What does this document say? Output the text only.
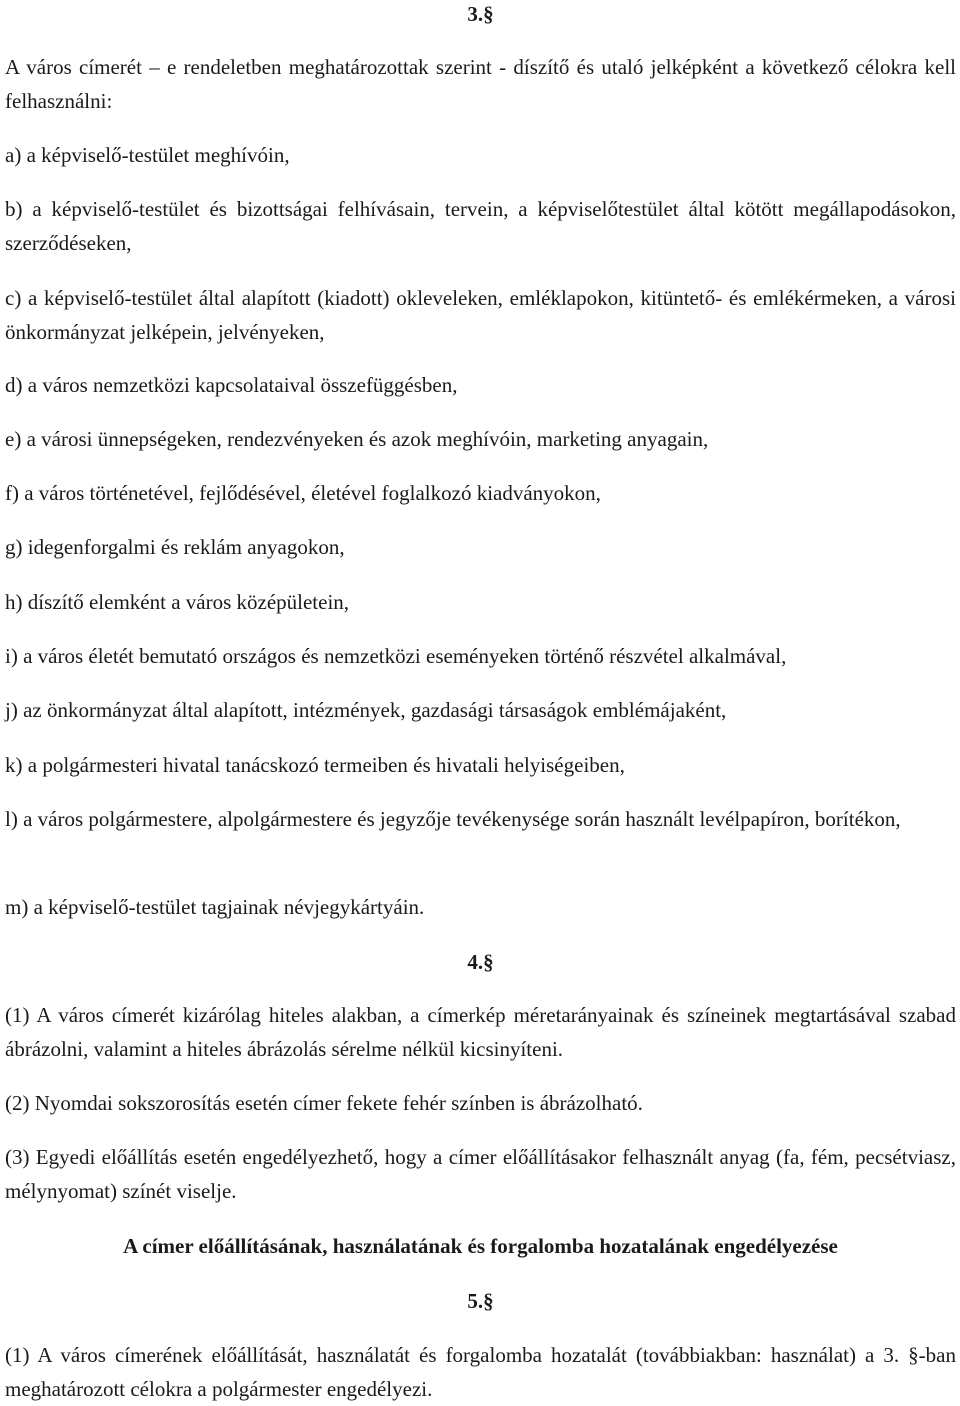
3.§

A város címerét – e rendeletben meghatározottak szerint - díszítő és utaló jelképként a következő célokra kell felhasználni:

a) a képviselő-testület meghívóin,

b) a képviselő-testület és bizottságai felhívásain, tervein, a képviselőtestület által kötött megállapodásokon, szerződéseken,

c) a képviselő-testület által alapított (kiadott) okleveleken, emléklapokon, kitüntető- és emlékérmeken, a városi önkormányzat jelképein, jelvényeken,

d) a város nemzetközi kapcsolataival összefüggésben,

e) a városi ünnepségeken, rendezvényeken és azok meghívóin, marketing anyagain,

f) a város történetével, fejlődésével, életével foglalkozó kiadványokon,

g) idegenforgalmi és reklám anyagokon,

h) díszítő elemként a város középületein,

i) a város életét bemutató országos és nemzetközi eseményeken történő részvétel alkalmával,

j) az önkormányzat által alapított, intézmények, gazdasági társaságok emblémájaként,

k) a polgármesteri hivatal tanácskozó termeiben és hivatali helyiségeiben,

l) a város polgármestere, alpolgármestere és jegyzője tevékenysége során használt levélpapíron, borítékon,

m) a képviselő-testület tagjainak névjegykártyáin.

4.§

(1) A város címerét kizárólag hiteles alakban, a címerkép méretarányainak és színeinek megtartásával szabad ábrázolni, valamint a hiteles ábrázolás sérelme nélkül kicsinyíteni.

(2) Nyomdai sokszorosítás esetén címer fekete fehér színben is ábrázolható.

(3) Egyedi előállítás esetén engedélyezhető, hogy a címer előállításakor felhasznált anyag (fa, fém, pecsétviasz, mélynyomat) színét viselje.

A címer előállításának, használatának és forgalomba hozatalának engedélyezése

5.§

(1) A város címerének előállítását, használatát és forgalomba hozatalát (továbbiakban: használat) a 3. §-ban meghatározott célokra a polgármester engedélyezi.
